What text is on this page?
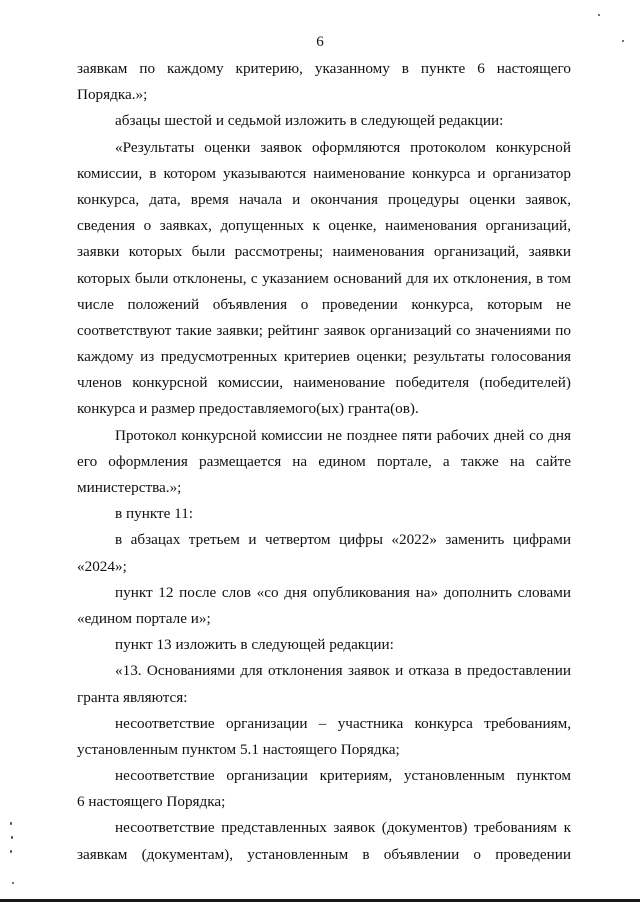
6
заявкам по каждому критерию, указанному в пункте 6 настоящего
Порядка.»;
абзацы шестой и седьмой изложить в следующей редакции:
«Результаты оценки заявок оформляются протоколом конкурсной
комиссии, в котором указываются наименование конкурса и организатор
конкурса, дата, время начала и окончания процедуры оценки заявок,
сведения о заявках, допущенных к оценке, наименования организаций,
заявки которых были рассмотрены; наименования организаций, заявки
которых были отклонены, с указанием оснований для их отклонения, в том
числе положений объявления о проведении конкурса, которым не
соответствуют такие заявки; рейтинг заявок организаций со значениями по
каждому из предусмотренных критериев оценки; результаты голосования
членов конкурсной комиссии, наименование победителя (победителей)
конкурса и размер предоставляемого(ых) гранта(ов).
Протокол конкурсной комиссии не позднее пяти рабочих дней со дня
его оформления размещается на едином портале, а также на сайте
министерства.»;
в пункте 11:
в абзацах третьем и четвертом цифры «2022» заменить цифрами
«2024»;
пункт 12 после слов «со дня опубликования на» дополнить словами
«едином портале и»;
пункт 13 изложить в следующей редакции:
«13. Основаниями для отклонения заявок и отказа в предоставлении
гранта являются:
несоответствие организации – участника конкурса требованиям,
установленным пунктом 5.1 настоящего Порядка;
несоответствие организации критериям, установленным пунктом
6 настоящего Порядка;
несоответствие представленных заявок (документов) требованиям к
заявкам (документам), установленным в объявлении о проведении
